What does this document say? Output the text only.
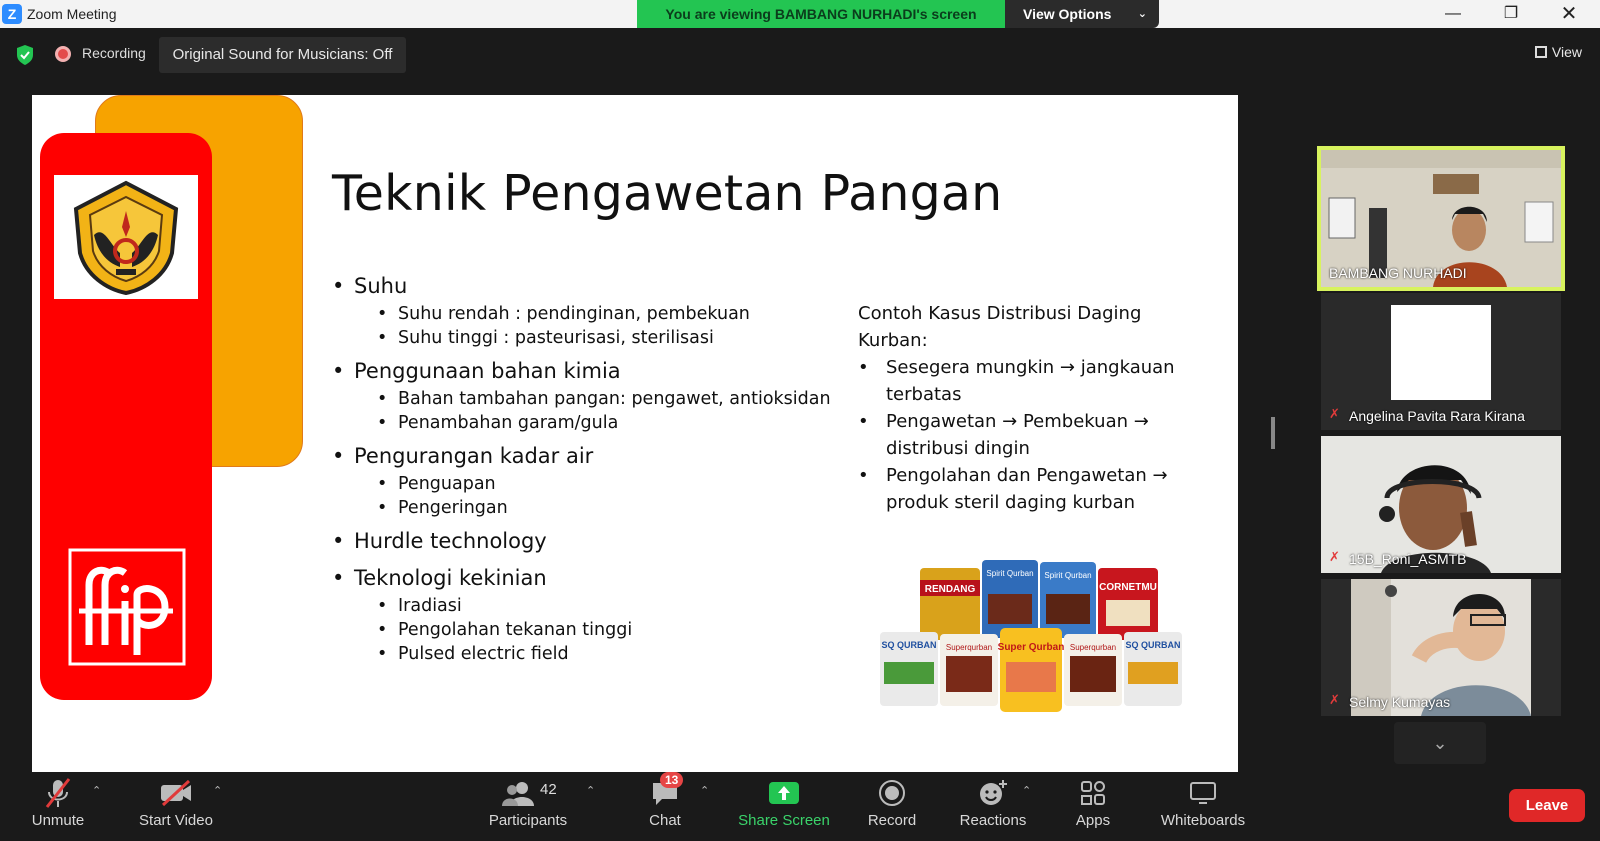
Z Zoom Meeting	You are viewing BAMBANG NURHADI's screen	View Options ⌄	—	❐	✕
Recording	Original Sound for Musicians: Off	View
Teknik Pengawetan Pangan
• Suhu
• Suhu rendah : pendinginan, pembekuan
• Suhu tinggi : pasteurisasi, sterilisasi
• Penggunaan bahan kimia
• Bahan tambahan pangan: pengawet, antioksidan
• Penambahan garam/gula
• Pengurangan kadar air
• Penguapan
• Pengeringan
• Hurdle technology
• Teknologi kekinian
• Iradiasi
• Pengolahan tekanan tinggi
• Pulsed electric field
Contoh Kasus Distribusi Daging Kurban:
• Sesegera mungkin → jangkauan terbatas
• Pengawetan → Pembekuan → distribusi dingin
• Pengolahan dan Pengawetan → produk steril daging kurban
RENDANG
Spirit Qurban Spirit Qurban
CORNETMU
SQ QURBAN Superqurban Super Qurban Superqurban SQ QURBAN
BAMBANG NURHADI
✗ Angelina Pavita Rara Kirana
✗ 15B_Roni_ASMTB
✗ Selmy Kumayas
⌄
Unmute
⌃
Start Video
⌃	42
Participants
⌃
13
Chat
⌃
Share Screen	Record	Reactions
⌃
Apps	Whiteboards
Leave
